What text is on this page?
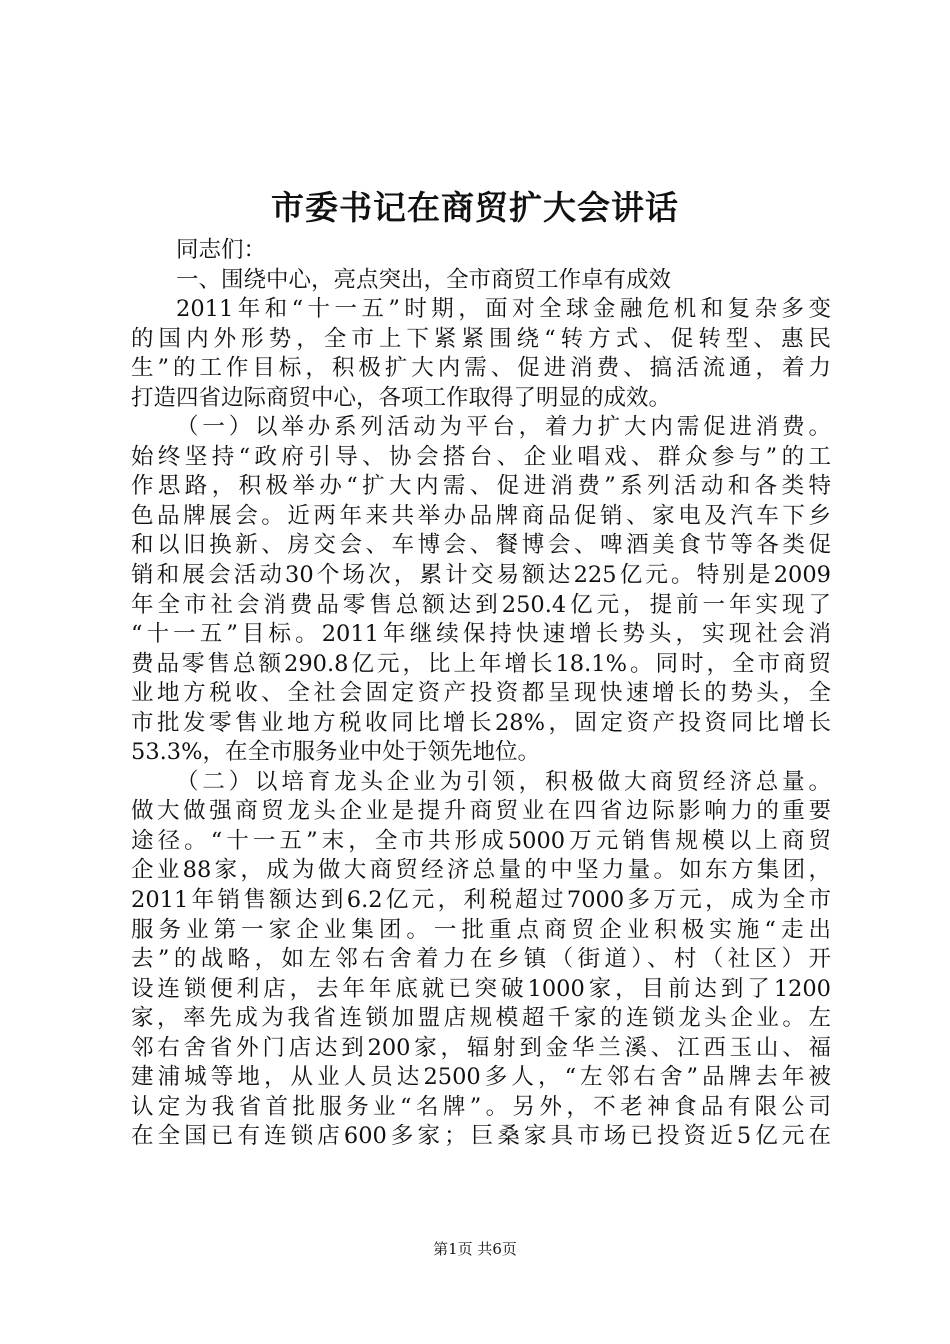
市委书记在商贸扩大会讲话
同志们：
一、围绕中心，亮点突出，全市商贸工作卓有成效
2011年和“十一五”时期，面对全球金融危机和复杂多变
的国内外形势，全市上下紧紧围绕“转方式、促转型、惠民
生”的工作目标，积极扩大内需、促进消费、搞活流通，着力
打造四省边际商贸中心，各项工作取得了明显的成效。
（一）以举办系列活动为平台，着力扩大内需促进消费。
始终坚持“政府引导、协会搭台、企业唱戏、群众参与”的工
作思路，积极举办“扩大内需、促进消费”系列活动和各类特
色品牌展会。近两年来共举办品牌商品促销、家电及汽车下乡
和以旧换新、房交会、车博会、餐博会、啤酒美食节等各类促
销和展会活动30个场次，累计交易额达225亿元。特别是2009
年全市社会消费品零售总额达到250.4亿元，提前一年实现了
“十一五”目标。2011年继续保持快速增长势头，实现社会消
费品零售总额290.8亿元，比上年增长18.1%。同时，全市商贸
业地方税收、全社会固定资产投资都呈现快速增长的势头，全
市批发零售业地方税收同比增长28%，固定资产投资同比增长
53.3%，在全市服务业中处于领先地位。
（二）以培育龙头企业为引领，积极做大商贸经济总量。
做大做强商贸龙头企业是提升商贸业在四省边际影响力的重要
途径。“十一五”末，全市共形成5000万元销售规模以上商贸
企业88家，成为做大商贸经济总量的中坚力量。如东方集团，
2011年销售额达到6.2亿元，利税超过7000多万元，成为全市
服务业第一家企业集团。一批重点商贸企业积极实施“走出
去”的战略，如左邻右舍着力在乡镇（街道）、村（社区）开
设连锁便利店，去年年底就已突破1000家，目前达到了1200
家，率先成为我省连锁加盟店规模超千家的连锁龙头企业。左
邻右舍省外门店达到200家，辐射到金华兰溪、江西玉山、福
建浦城等地，从业人员达2500多人，“左邻右舍”品牌去年被
认定为我省首批服务业“名牌”。另外，不老神食品有限公司
在全国已有连锁店600多家；巨桑家具市场已投资近5亿元在
第1页 共6页
